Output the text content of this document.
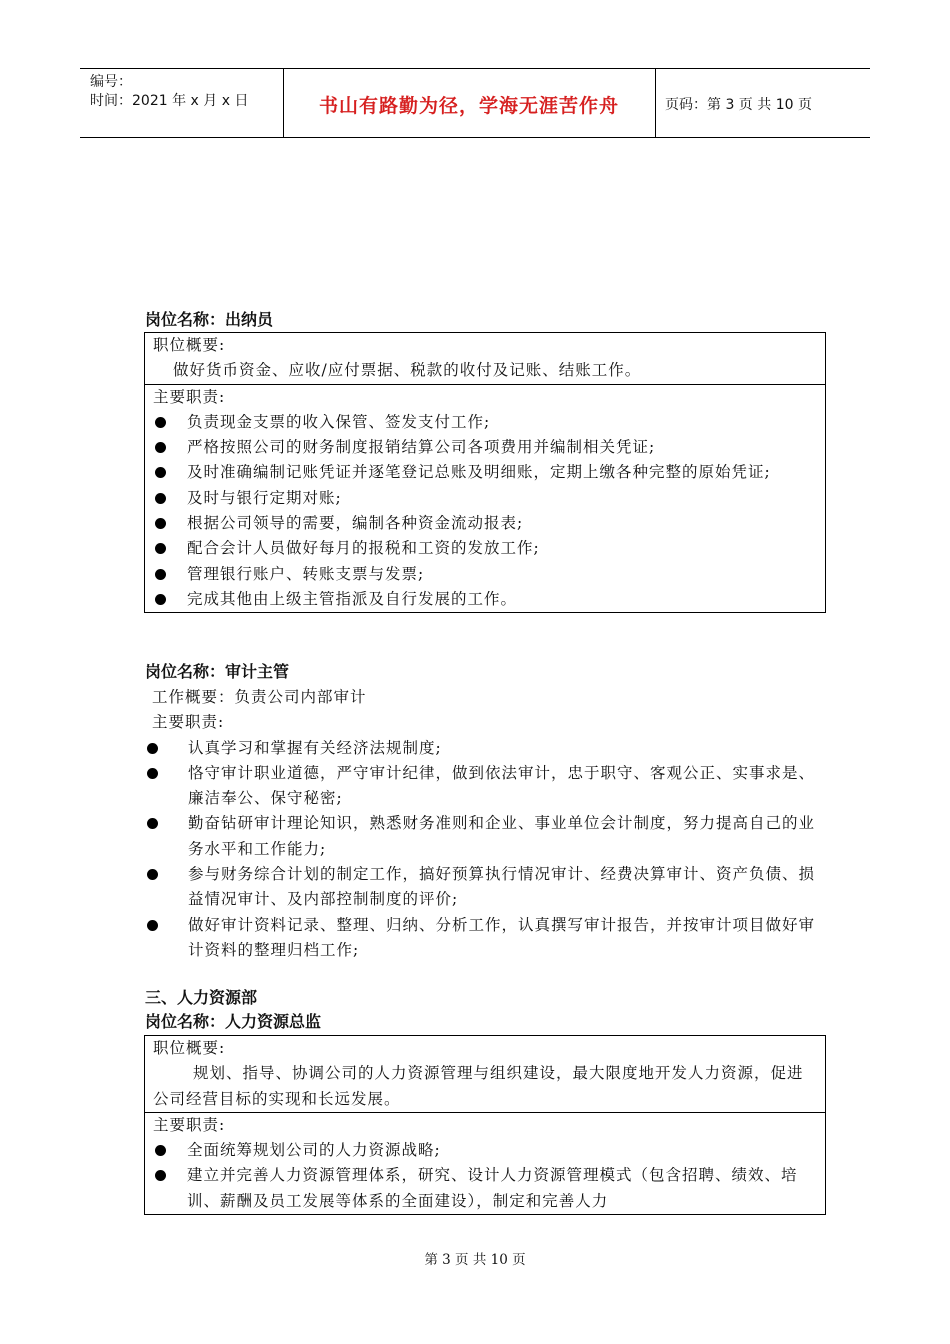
编号：
时间：2021 年 x 月 x 日	书山有路勤为径，学海无涯苦作舟	页码：第 3 页 共 10 页
岗位名称：出纳员
职位概要:
做好货币资金、应收/应付票据、税款的收付及记账、结账工作。
主要职责:
负责现金支票的收入保管、签发支付工作;
严格按照公司的财务制度报销结算公司各项费用并编制相关凭证;
及时准确编制记账凭证并逐笔登记总账及明细账，定期上缴各种完整的原始凭证;
及时与银行定期对账;
根据公司领导的需要，编制各种资金流动报表;
配合会计人员做好每月的报税和工资的发放工作;
管理银行账户、转账支票与发票;
完成其他由上级主管指派及自行发展的工作。
岗位名称：审计主管
工作概要：负责公司内部审计
主要职责:
认真学习和掌握有关经济法规制度;
恪守审计职业道德，严守审计纪律，做到依法审计，忠于职守、客观公正、实事求是、廉洁奉公、保守秘密;
勤奋钻研审计理论知识，熟悉财务准则和企业、事业单位会计制度，努力提高自己的业务水平和工作能力;
参与财务综合计划的制定工作，搞好预算执行情况审计、经费决算审计、资产负债、损益情况审计、及内部控制制度的评价;
做好审计资料记录、整理、归纳、分析工作，认真撰写审计报告，并按审计项目做好审计资料的整理归档工作;
三、人力资源部
岗位名称：人力资源总监
职位概要:
规划、指导、协调公司的人力资源管理与组织建设，最大限度地开发人力资源，促进公司经营目标的实现和长远发展。
主要职责:
全面统筹规划公司的人力资源战略;
建立并完善人力资源管理体系，研究、设计人力资源管理模式（包含招聘、绩效、培训、薪酬及员工发展等体系的全面建设），制定和完善人力
第 3 页 共 10 页
